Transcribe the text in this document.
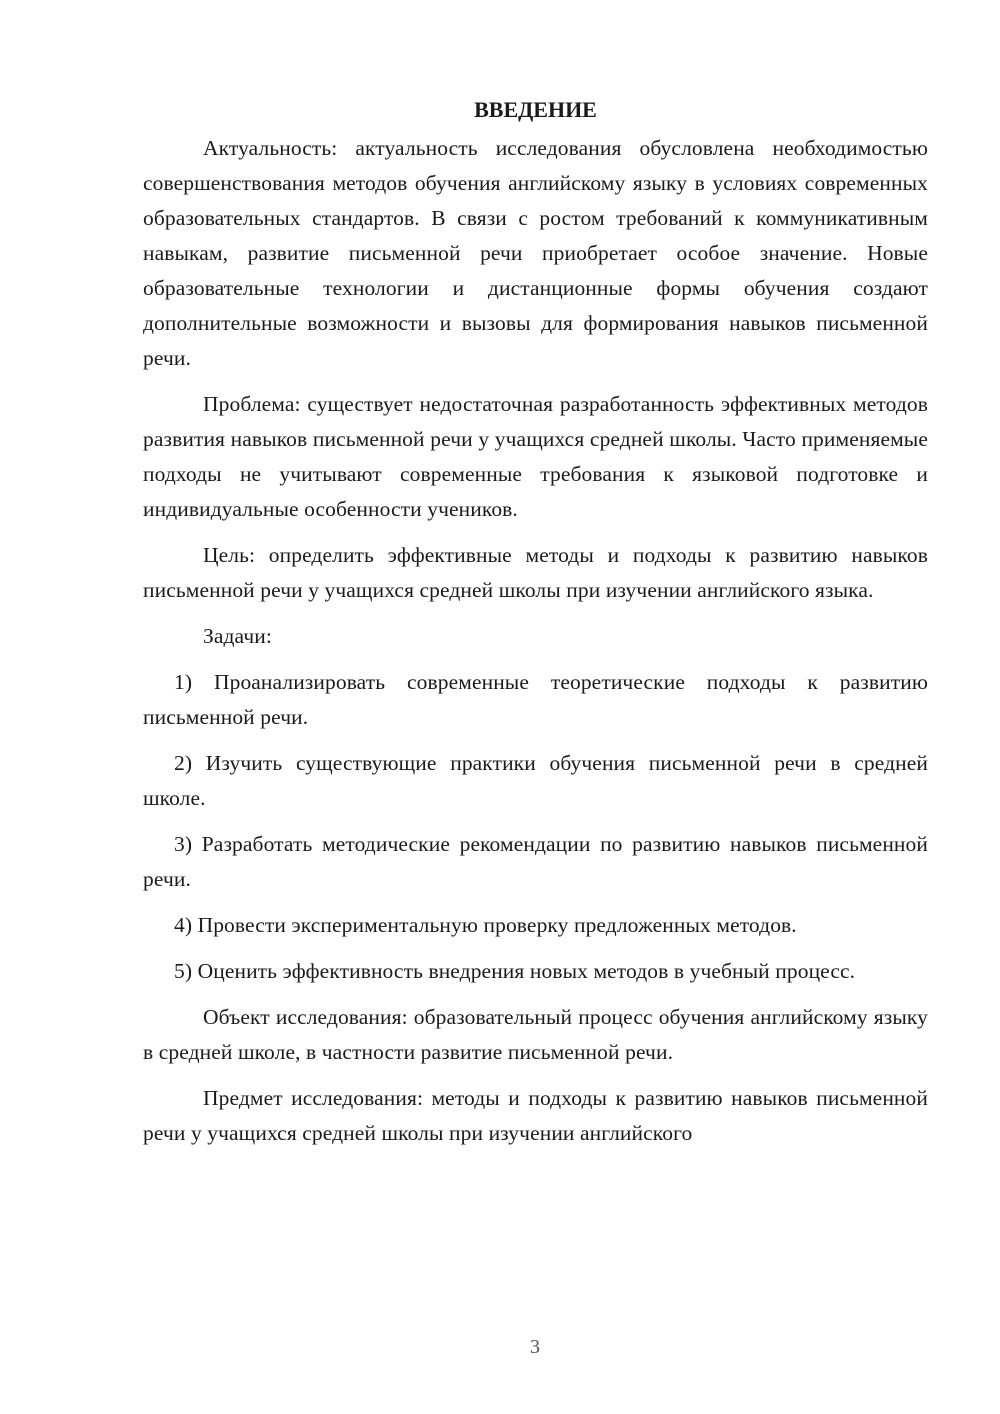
ВВЕДЕНИЕ

Актуальность: актуальность исследования обусловлена необходимостью совершенствования методов обучения английскому языку в условиях современных образовательных стандартов. В связи с ростом требований к коммуникативным навыкам, развитие письменной речи приобретает особое значение. Новые образовательные технологии и дистанционные формы обучения создают дополнительные возможности и вызовы для формирования навыков письменной речи.

Проблема: существует недостаточная разработанность эффективных методов развития навыков письменной речи у учащихся средней школы. Часто применяемые подходы не учитывают современные требования к языковой подготовке и индивидуальные особенности учеников.

Цель: определить эффективные методы и подходы к развитию навыков письменной речи у учащихся средней школы при изучении английского языка.

Задачи:

1) Проанализировать современные теоретические подходы к развитию письменной речи.

2) Изучить существующие практики обучения письменной речи в средней школе.

3) Разработать методические рекомендации по развитию навыков письменной речи.

4) Провести экспериментальную проверку предложенных методов.

5) Оценить эффективность внедрения новых методов в учебный процесс.

Объект исследования: образовательный процесс обучения английскому языку в средней школе, в частности развитие письменной речи.

Предмет исследования: методы и подходы к развитию навыков письменной речи у учащихся средней школы при изучении английского

3
